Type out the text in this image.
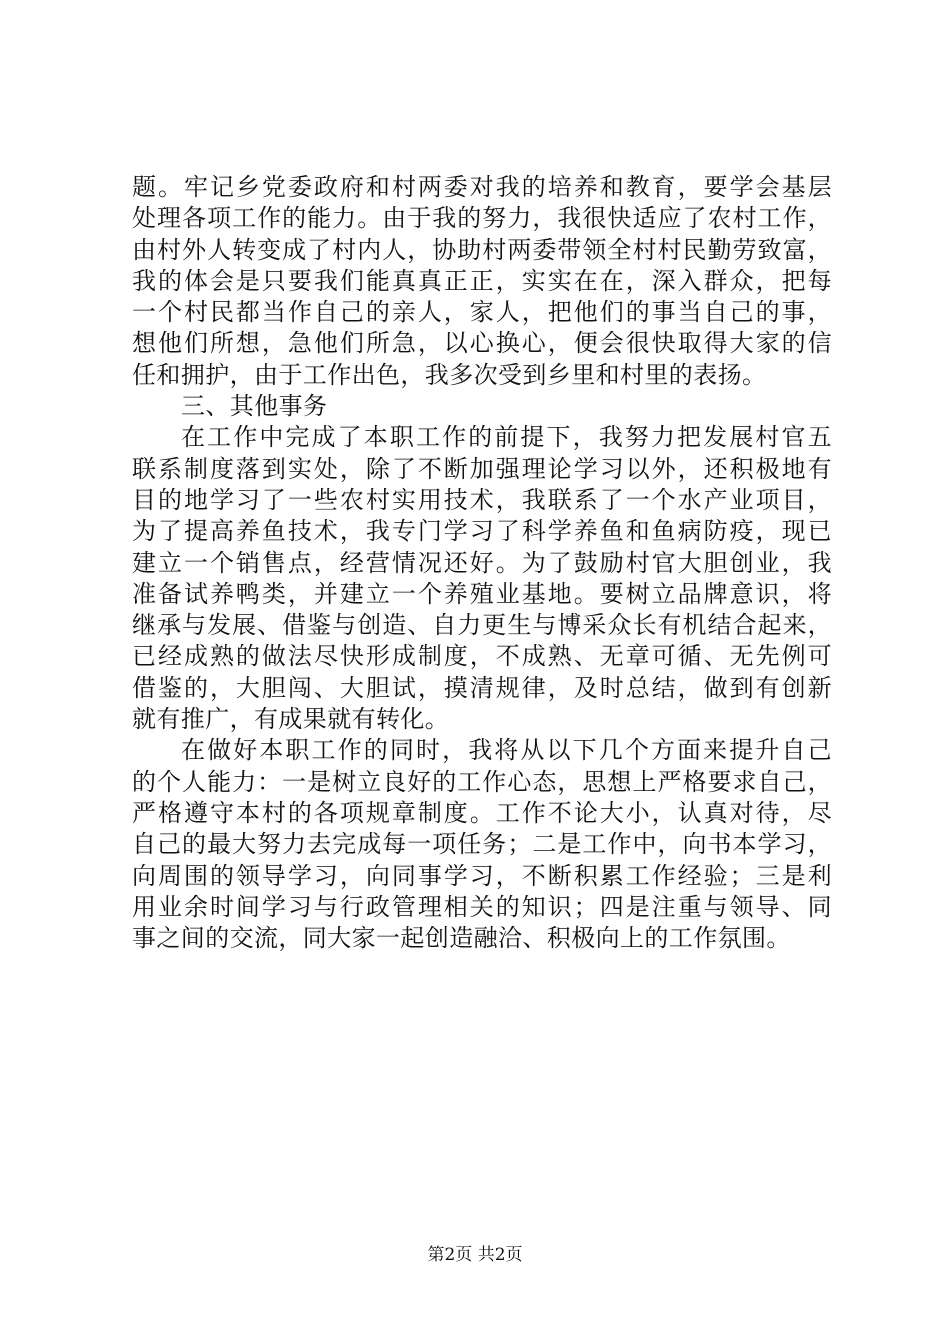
题。牢记乡党委政府和村两委对我的培养和教育，要学会基层
处理各项工作的能力。由于我的努力，我很快适应了农村工作，
由村外人转变成了村内人，协助村两委带领全村村民勤劳致富，
我的体会是只要我们能真真正正，实实在在，深入群众，把每
一个村民都当作自己的亲人，家人，把他们的事当自己的事，
想他们所想，急他们所急，以心换心，便会很快取得大家的信
任和拥护，由于工作出色，我多次受到乡里和村里的表扬。
三、其他事务
在工作中完成了本职工作的前提下，我努力把发展村官五
联系制度落到实处，除了不断加强理论学习以外，还积极地有
目的地学习了一些农村实用技术，我联系了一个水产业项目，
为了提高养鱼技术，我专门学习了科学养鱼和鱼病防疫，现已
建立一个销售点，经营情况还好。为了鼓励村官大胆创业，我
准备试养鸭类，并建立一个养殖业基地。要树立品牌意识，将
继承与发展、借鉴与创造、自力更生与博采众长有机结合起来，
已经成熟的做法尽快形成制度，不成熟、无章可循、无先例可
借鉴的，大胆闯、大胆试，摸清规律，及时总结，做到有创新
就有推广，有成果就有转化。
在做好本职工作的同时，我将从以下几个方面来提升自己
的个人能力：一是树立良好的工作心态，思想上严格要求自己，
严格遵守本村的各项规章制度。工作不论大小，认真对待，尽
自己的最大努力去完成每一项任务；二是工作中，向书本学习，
向周围的领导学习，向同事学习，不断积累工作经验；三是利
用业余时间学习与行政管理相关的知识；四是注重与领导、同
事之间的交流，同大家一起创造融洽、积极向上的工作氛围。
第2页 共2页
